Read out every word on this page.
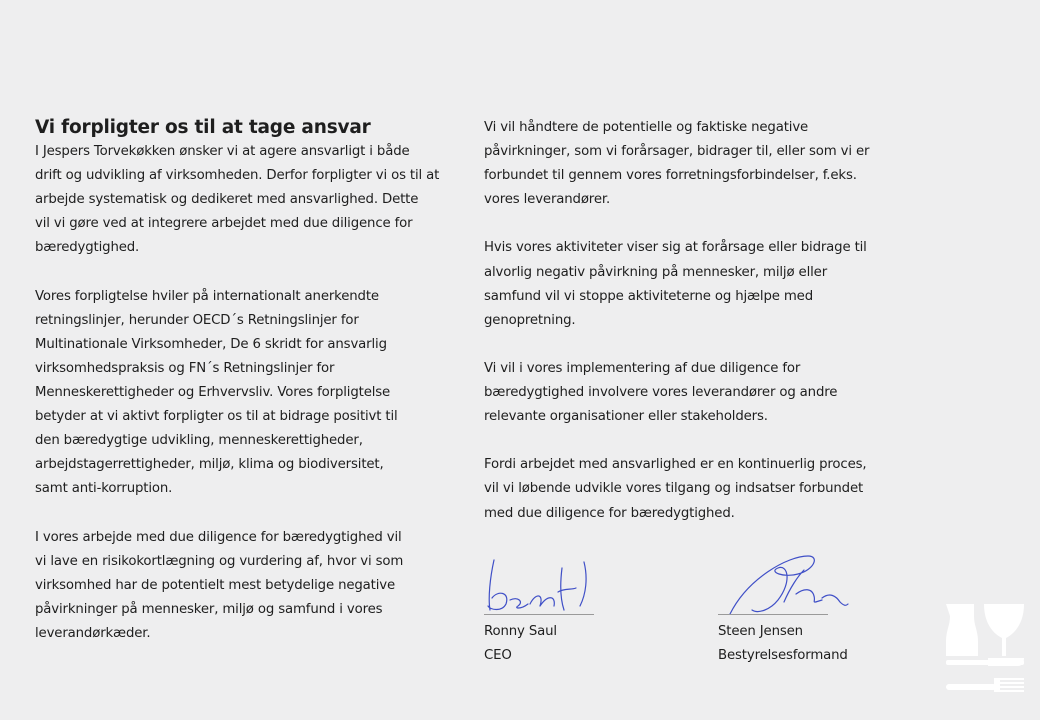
Vi forpligter os til at tage ansvar

I Jespers Torvekøkken ønsker vi at agere ansvarligt i både
drift og udvikling af virksomheden. Derfor forpligter vi os til at
arbejde systematisk og dedikeret med ansvarlighed. Dette
vil vi gøre ved at integrere arbejdet med due diligence for
bæredygtighed.

Vores forpligtelse hviler på internationalt anerkendte
retningslinjer, herunder OECD´s Retningslinjer for
Multinationale Virksomheder, De 6 skridt for ansvarlig
virksomhedspraksis og FN´s Retningslinjer for
Menneskerettigheder og Erhvervsliv. Vores forpligtelse
betyder at vi aktivt forpligter os til at bidrage positivt til
den bæredygtige udvikling, menneskerettigheder,
arbejdstagerrettigheder, miljø, klima og biodiversitet,
samt anti-korruption.

I vores arbejde med due diligence for bæredygtighed vil
vi lave en risikokortlægning og vurdering af, hvor vi som
virksomhed har de potentielt mest betydelige negative
påvirkninger på mennesker, miljø og samfund i vores
leverandørkæder.

Vi vil håndtere de potentielle og faktiske negative
påvirkninger, som vi forårsager, bidrager til, eller som vi er
forbundet til gennem vores forretningsforbindelser, f.eks.
vores leverandører.

Hvis vores aktiviteter viser sig at forårsage eller bidrage til
alvorlig negativ påvirkning på mennesker, miljø eller
samfund vil vi stoppe aktiviteterne og hjælpe med
genopretning.

Vi vil i vores implementering af due diligence for
bæredygtighed involvere vores leverandører og andre
relevante organisationer eller stakeholders.

Fordi arbejdet med ansvarlighed er en kontinuerlig proces,
vil vi løbende udvikle vores tilgang og indsatser forbundet
med due diligence for bæredygtighed.

Ronny Saul
CEO
Steen Jensen
Bestyrelsesformand
